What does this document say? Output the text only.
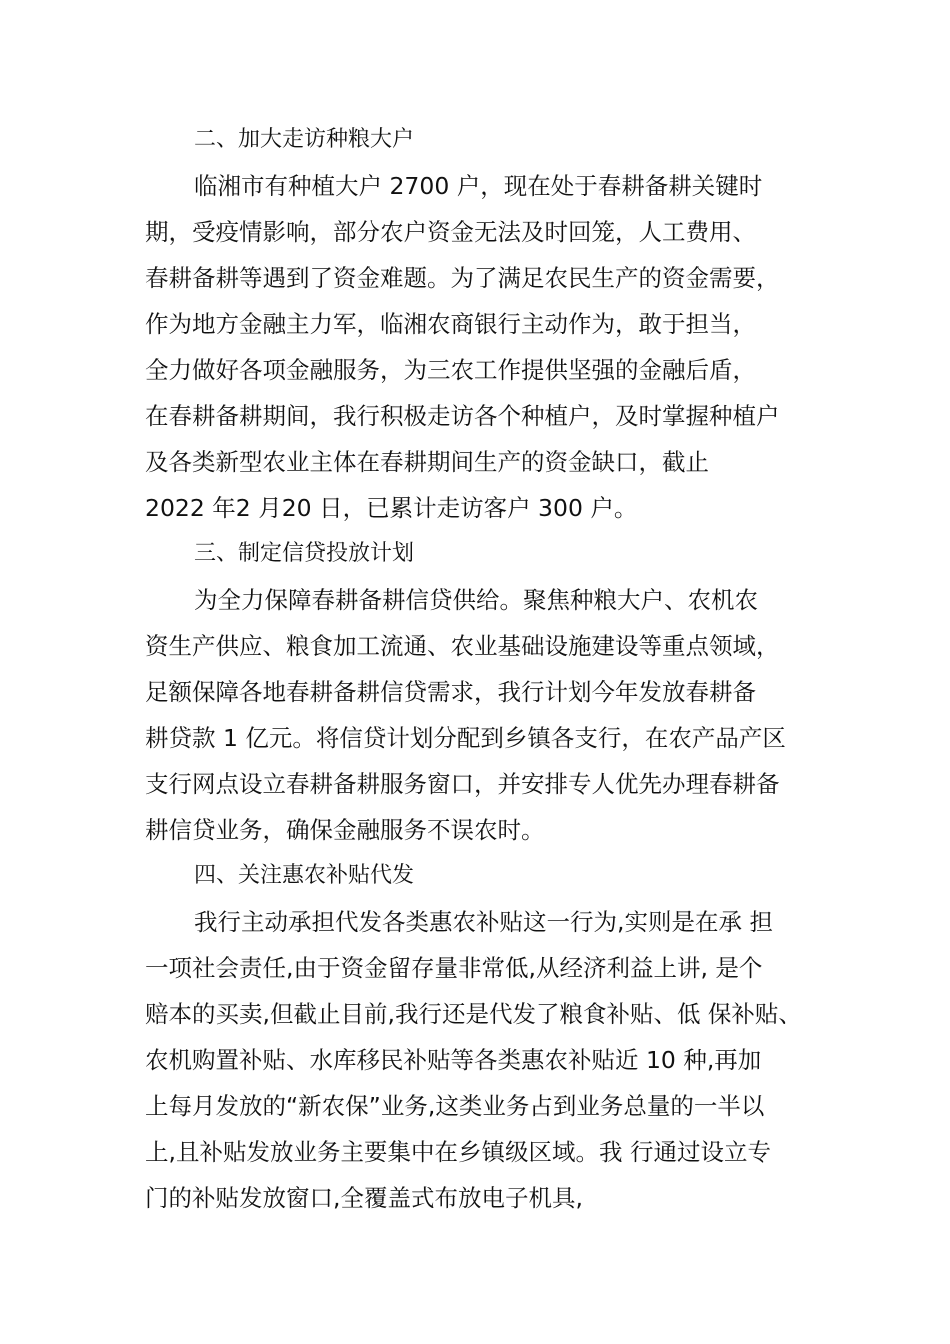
二、加大走访种粮大户
临湘市有种植大户 2700 户，现在处于春耕备耕关键时
期，受疫情影响，部分农户资金无法及时回笼，人工费用、
春耕备耕等遇到了资金难题。为了满足农民生产的资金需要，
作为地方金融主力军，临湘农商银行主动作为，敢于担当，
全力做好各项金融服务，为三农工作提供坚强的金融后盾，
在春耕备耕期间，我行积极走访各个种植户，及时掌握种植户
及各类新型农业主体在春耕期间生产的资金缺口，截止
2022 年2 月20 日，已累计走访客户 300 户。
三、制定信贷投放计划
为全力保障春耕备耕信贷供给。聚焦种粮大户、农机农
资生产供应、粮食加工流通、农业基础设施建设等重点领域，
足额保障各地春耕备耕信贷需求，我行计划今年发放春耕备
耕贷款 1 亿元。将信贷计划分配到乡镇各支行，在农产品产区
支行网点设立春耕备耕服务窗口，并安排专人优先办理春耕备
耕信贷业务，确保金融服务不误农时。
四、关注惠农补贴代发
我行主动承担代发各类惠农补贴这一行为,实则是在承 担
一项社会责任,由于资金留存量非常低,从经济利益上讲, 是个
赔本的买卖,但截止目前,我行还是代发了粮食补贴、低 保补贴、
农机购置补贴、水库移民补贴等各类惠农补贴近 10 种,再加
上每月发放的“新农保”业务,这类业务占到业务总量的一半以
上,且补贴发放业务主要集中在乡镇级区域。我 行通过设立专
门的补贴发放窗口,全覆盖式布放电子机具,
